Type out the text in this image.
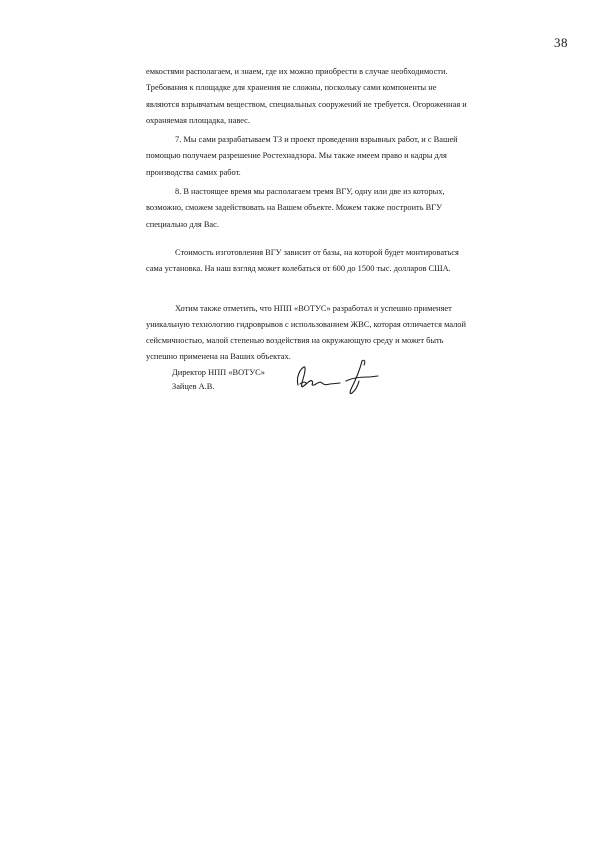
38

емкостями располагаем, и знаем, где их можно приобрести в случае необходимости.

Требования к площадке для хранения не сложны, поскольку сами компоненты не

являются взрывчатым веществом, специальных сооружений не требуется. Огороженная и

охраняемая площадка, навес.

7. Мы сами разрабатываем ТЗ и проект проведения взрывных работ, и с Вашей

помощью получаем разрешение Ростехнадзора. Мы также имеем право и кадры для

производства самих работ.

8. В настоящее время мы располагаем тремя ВГУ, одну или две из которых,

возможно, сможем задействовать на Вашем объекте. Можем также построить ВГУ

специально для Вас.

Стоимость изготовления ВГУ зависит от базы, на которой будет монтироваться

сама установка. На наш взгляд может колебаться от 600 до 1500 тыс. долларов США.

Хотим также отметить, что НПП «ВОТУС» разработал и успешно применяет

уникальную технологию гидроврывов с использованием ЖВС, которая отличается малой

сейсмичностью, малой степенью воздействия на окружающую среду и может быть

успешно применена на Ваших объектах.

Директор НПП «ВОТУС»
Зайцев А.В.
